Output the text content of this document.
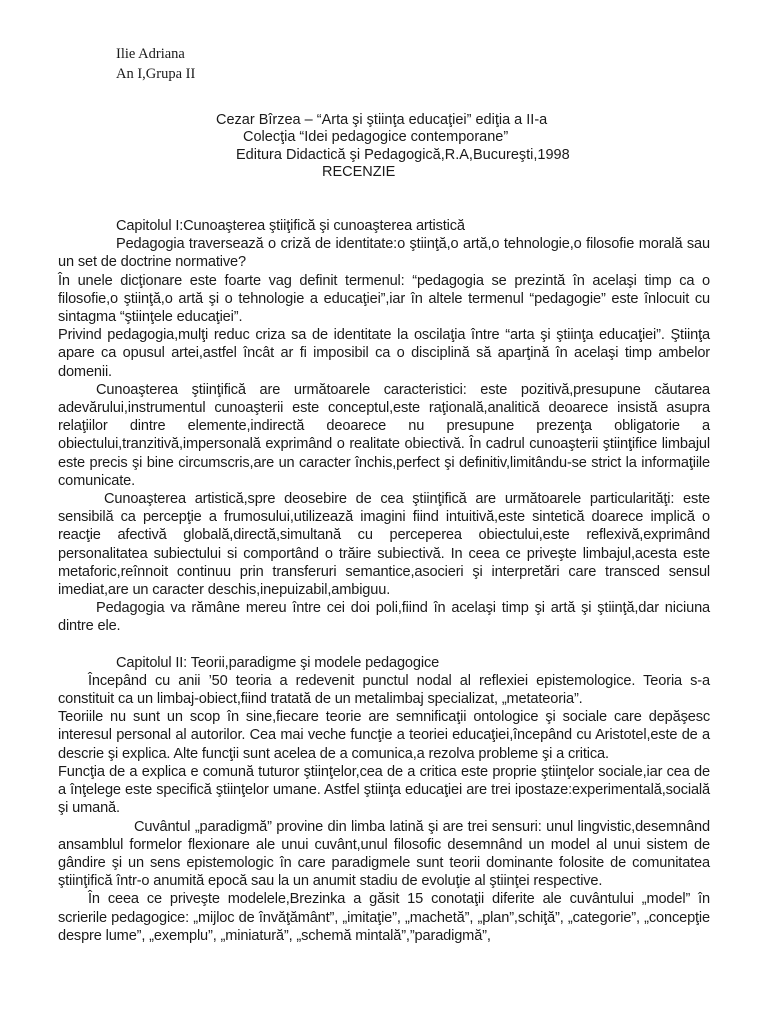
Ilie Adriana
An I,Grupa II
Cezar Bîrzea – “Arta şi ştiinţa educaţiei” ediţia a II-a
Colecţia “Idei pedagogice contemporane”
Editura Didactică şi Pedagogică,R.A,Bucureşti,1998
RECENZIE

Capitolul I:Cunoaşterea ştiiţifică şi cunoaşterea artistică

Pedagogia traversează o criză de identitate:o ştiinţă,o artă,o tehnologie,o filosofie morală sau un set de doctrine normative?

În unele dicţionare este foarte vag definit termenul: “pedagogia se prezintă în acelaşi timp ca o filosofie,o ştiinţă,o artă şi o tehnologie a educaţiei”,iar în altele termenul “pedagogie” este înlocuit cu sintagma “ştiinţele educaţiei”.

Privind pedagogia,mulţi reduc criza sa de identitate la oscilaţia între “arta şi ştiinţa educaţiei”. Ştiinţa apare ca opusul artei,astfel încât ar fi imposibil ca o disciplină să aparţină în acelaşi timp ambelor domenii.

Cunoaşterea ştiinţifică are următoarele caracteristici: este pozitivă,presupune căutarea adevărului,instrumentul cunoaşterii este conceptul,este raţională,analitică deoarece insistă asupra relaţiilor dintre elemente,indirectă deoarece nu presupune prezenţa obligatorie a obiectului,tranzitivă,impersonală exprimând o realitate obiectivă. În cadrul cunoaşterii ştiinţifice limbajul este precis şi bine circumscris,are un caracter închis,perfect şi definitiv,limitându-se strict la informaţiile comunicate.

Cunoaşterea artistică,spre deosebire de cea ştiinţifică are următoarele particularităţi: este sensibilă ca percepţie a frumosului,utilizează imagini fiind intuitivă,este sintetică doarece implică o reacţie afectivă globală,directă,simultană cu perceperea obiectului,este reflexivă,exprimând personalitatea subiectului si comportând o trăire subiectivă. In ceea ce priveşte limbajul,acesta este metaforic,reînnoit continuu prin transferuri semantice,asocieri şi interpretări care transced sensul imediat,are un caracter deschis,inepuizabil,ambiguu.

Pedagogia va rămâne mereu între cei doi poli,fiind în acelaşi timp şi artă şi ştiinţă,dar niciuna dintre ele.

Capitolul II: Teorii,paradigme şi modele pedagogice

Începând cu anii ’50 teoria a redevenit punctul nodal al reflexiei epistemologice. Teoria s-a constituit ca un limbaj-obiect,fiind tratată de un metalimbaj specializat, „metateoria”.

Teoriile nu sunt un scop în sine,fiecare teorie are semnificaţii ontologice şi sociale care depăşesc interesul personal al autorilor. Cea mai veche funcţie a teoriei educaţiei,începând cu Aristotel,este de a descrie şi explica. Alte funcţii sunt acelea de a comunica,a rezolva probleme şi a critica.

Funcţia de a explica e comună tuturor ştiinţelor,cea de a critica este proprie ştiinţelor sociale,iar cea de a înţelege este specifică ştiinţelor umane. Astfel ştiinţa educaţiei are trei ipostaze:experimentală,socială şi umană.

Cuvântul „paradigmă” provine din limba latină şi are trei sensuri: unul lingvistic,desemnând ansamblul formelor flexionare ale unui cuvânt,unul filosofic desemnând un model al unui sistem de gândire şi un sens epistemologic în care paradigmele sunt teorii dominante folosite de comunitatea ştiinţifică într-o anumită epocă sau la un anumit stadiu de evoluţie al ştiinţei respective.

În ceea ce priveşte modelele,Brezinka a găsit 15 conotaţii diferite ale cuvântului „model” în scrierile pedagogice: „mijloc de învăţământ”, „imitaţie”, „machetă”, „plan”,schiţă”, „categorie”, „concepţie despre lume”, „exemplu”, „miniatură”, „schemă mintală”,”paradigmă”,
